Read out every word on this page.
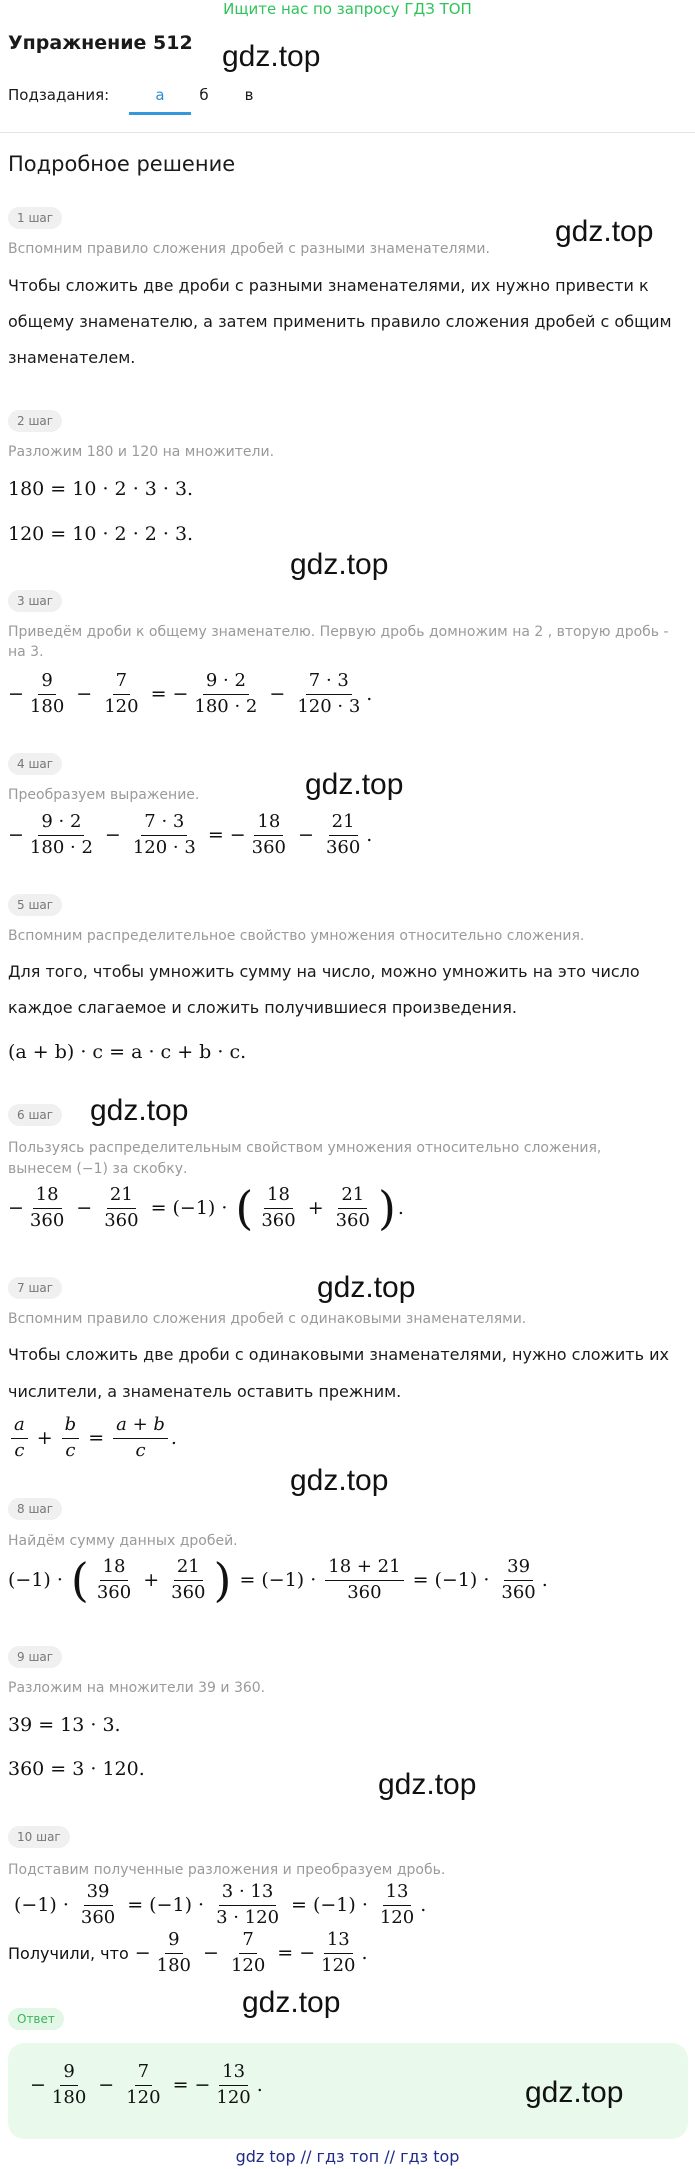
Ищите нас по запросу ГДЗ ТОП
Упражнение 512 gdz.top
Подзадания:	а	б	в
Подробное решение
1 шаг	gdz.top
Вспомним правило сложения дробей с разными знаменателями.
Чтобы сложить две дроби с разными знаменателями, их нужно привести к
общему знаменателю, а затем применить правило сложения дробей с общим
знаменателем.
2 шаг
Разложим 180 и 120 на множители.
180 = 10 · 2 · 3 · 3.
120 = 10 · 2 · 2 · 3.
gdz.top
3 шаг
Приведём дроби к общему знаменателю. Первую дробь домножим на 2 , вторую дробь -
на 3.
− $\frac{9}{180} - \frac{7}{120}$ = − $\frac{9 \cdot 2}{180 \cdot 2} - \frac{7 \cdot 3}{120 \cdot 3}$ .
4 шаг
gdz.top
Преобразуем выражение.
− $\frac{9 \cdot 2}{180 \cdot 2} - \frac{7 \cdot 3}{120 \cdot 3}$ = − $\frac{18}{360} - \frac{21}{360}$ .
5 шаг
Вспомним распределительное свойство умножения относительно сложения.
Для того, чтобы умножить сумму на число, можно умножить на это число
каждое слагаемое и сложить получившиеся произведения.
(a + b) · c = a · c + b · c.
6 шаг	gdz.top
Пользуясь распределительным свойством умножения относительно сложения,
вынесем (−1) за скобку.
− $\frac{18}{360} - \frac{21}{360} = (-1)$ · ( $\frac{18}{360} + \frac{21}{360}$ ) .
7 шаг	gdz.top
Вспомним правило сложения дробей с одинаковыми знаменателями.
Чтобы сложить две дроби с одинаковыми знаменателями, нужно сложить их
числители, а знаменатель оставить прежним.
$\frac{a}{c} + \frac{b}{c} = \frac{a + b}{c}$ .
gdz.top
8 шаг
Найдём сумму данных дробей.
(−1) · ( $\frac{18}{360} + \frac{21}{360}$ ) = $(-1) \cdot \frac{18 + 21}{360} = (-1) \cdot \frac{39}{360}$ .
9 шаг
Разложим на множители 39 и 360.
39 = 13 · 3.
360 = 3 · 120.	gdz.top
10 шаг
Подставим полученные разложения и преобразуем дробь.
$(-1) \cdot \frac{39}{360} = (-1) \cdot \frac{3 \cdot 13}{3 \cdot 120} = (-1) \cdot \frac{13}{120}$ .
Получили, что − $\frac{9}{180} - \frac{7}{120}$ = − $\frac{13}{120}$ .
gdz.top
Ответ
− $\frac{9}{180} - \frac{7}{120}$ = − $\frac{13}{120}$ .	gdz.top
gdz top // гдз топ // гдз top
